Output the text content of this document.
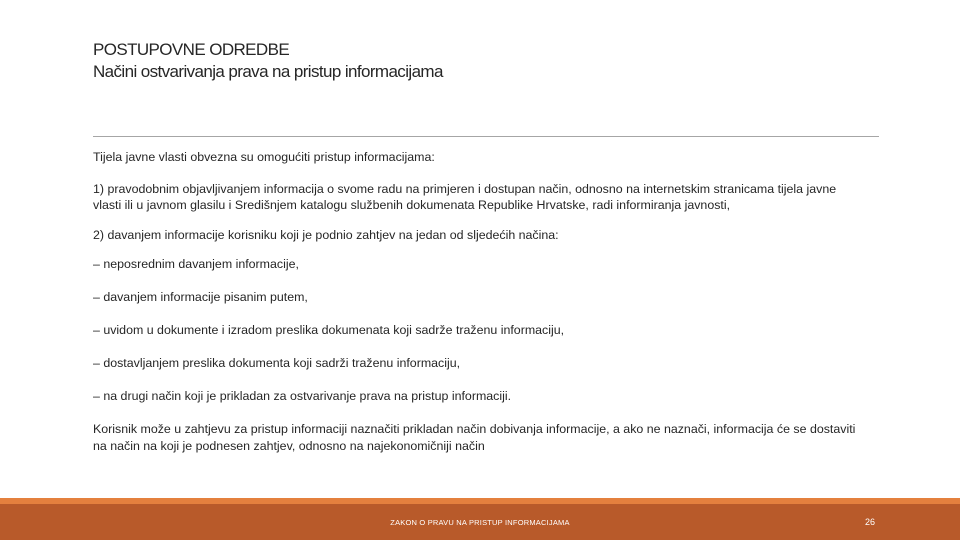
POSTUPOVNE ODREDBE
Načini ostvarivanja prava na pristup informacijama

Tijela javne vlasti obvezna su omogućiti pristup informacijama:

1) pravodobnim objavljivanjem informacija o svome radu na primjeren i dostupan način, odnosno na internetskim stranicama tijela javne vlasti ili u javnom glasilu i Središnjem katalogu službenih dokumenata Republike Hrvatske, radi informiranja javnosti,

2) davanjem informacije korisniku koji je podnio zahtjev na jedan od sljedećih načina:

– neposrednim davanjem informacije,

– davanjem informacije pisanim putem,

– uvidom u dokumente i izradom preslika dokumenata koji sadrže traženu informaciju,

– dostavljanjem preslika dokumenta koji sadrži traženu informaciju,

– na drugi način koji je prikladan za ostvarivanje prava na pristup informaciji.

Korisnik može u zahtjevu za pristup informaciji naznačiti prikladan način dobivanja informacije, a ako ne naznači, informacija će se dostaviti na način na koji je podnesen zahtjev, odnosno na najekonomičniji način

ZAKON O PRAVU NA PRISTUP INFORMACIJAMA	26
